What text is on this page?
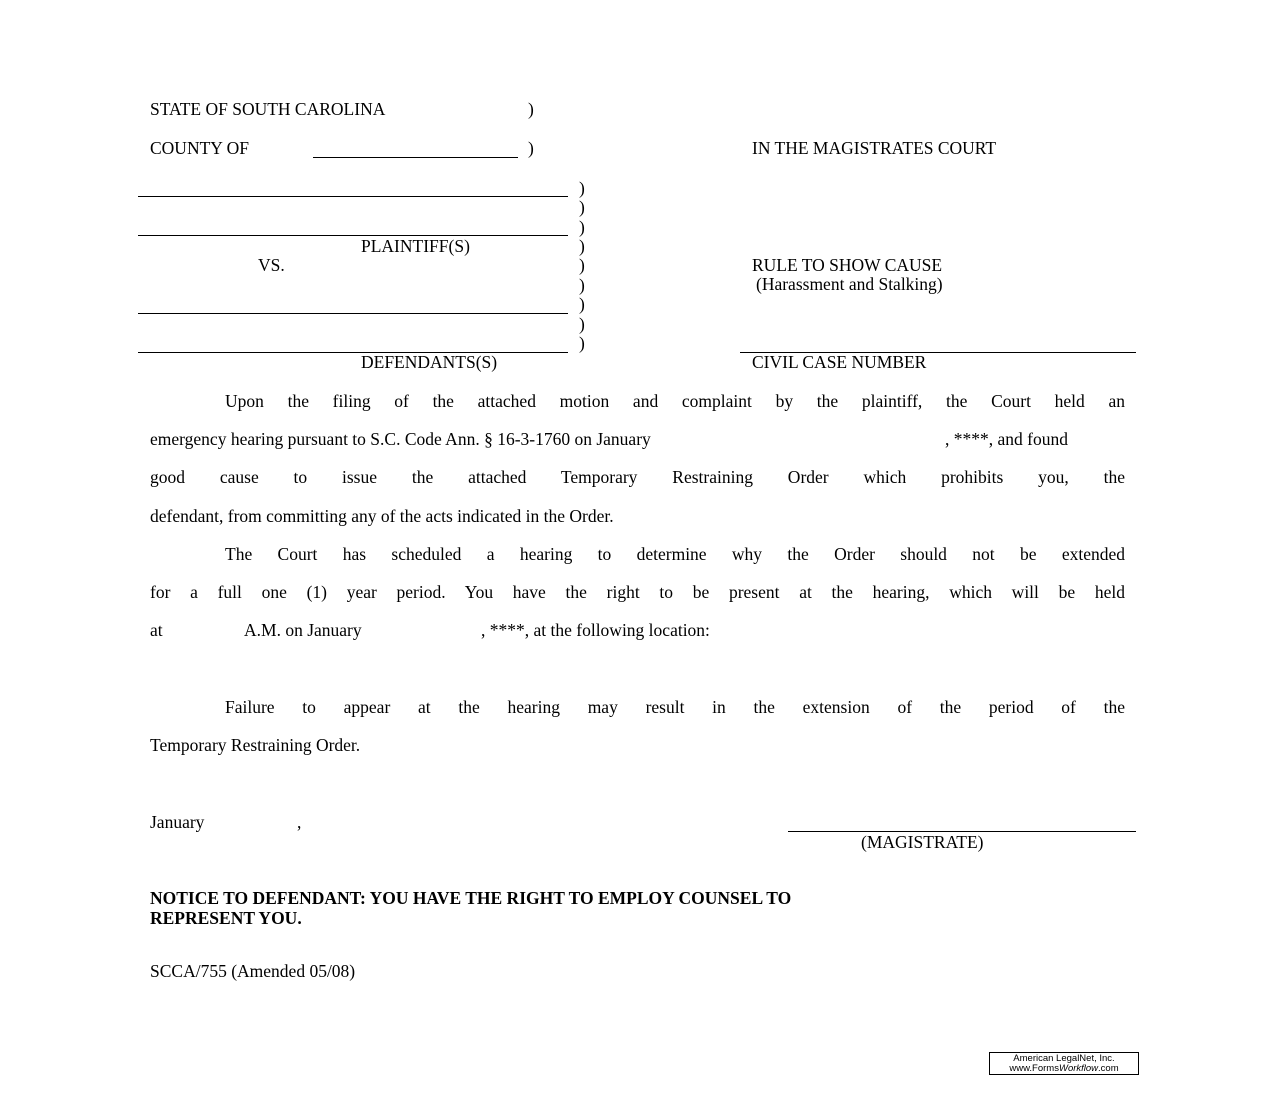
STATE OF SOUTH CAROLINA	)
COUNTY OF	)	IN THE MAGISTRATES COURT
PLAINTIFF(S)
VS.
DEFENDANTS(S)
)
)
)
)
)
)
)
)
)
RULE TO SHOW CAUSE
(Harassment and Stalking)
CIVIL CASE NUMBER
Upon the filing of the attached motion and complaint by the plaintiff, the Court held an
emergency hearing pursuant to S.C. Code Ann. § 16-3-1760 on January	, ****, and found
good cause to issue the attached Temporary Restraining Order which prohibits you, the
defendant, from committing any of the acts indicated in the Order.
The Court has scheduled a hearing to determine why the Order should not be extended
for a full one (1) year period. You have the right to be present at the hearing, which will be held
at	A.M. on January	, ****, at the following location:
Failure to appear at the hearing may result in the extension of the period of the
Temporary Restraining Order.
January	,
(MAGISTRATE)
NOTICE TO DEFENDANT: YOU HAVE THE RIGHT TO EMPLOY COUNSEL TO
REPRESENT YOU.
SCCA/755 (Amended 05/08)
American LegalNet, Inc.
www.FormsWorkflow.com
